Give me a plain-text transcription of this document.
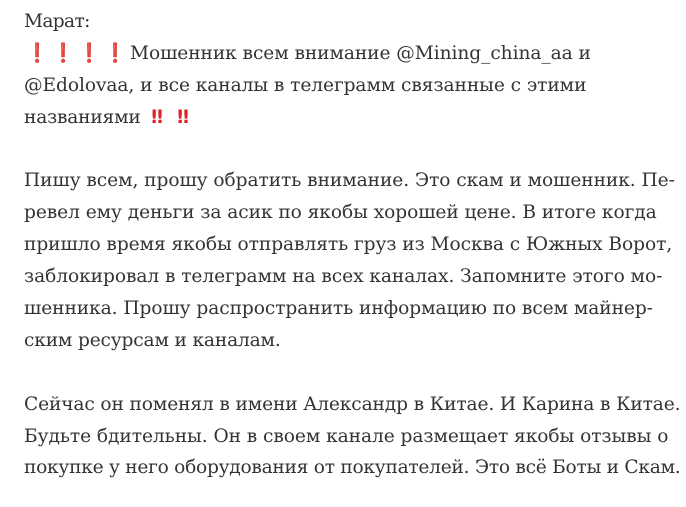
Марат:
❗ ❗ ❗ ❗ Мошенник всем внимание @Mining_china_aa и
@Edolovaa, и все каналы в телеграмм связанные с этими
названиями ‼ ‼
Пишу всем, прошу обратить внимание. Это скам и мошенник. Пе-
ревел ему деньги за асик по якобы хорошей цене. В итоге когда
пришло время якобы отправлять груз из Москва с Южных Ворот,
заблокировал в телеграмм на всех каналах. Запомните этого мо-
шенника. Прошу распространить информацию по всем майнер-
ским ресурсам и каналам.
Сейчас он поменял в имени Александр в Китае. И Карина в Китае.
Будьте бдительны. Он в своем канале размещает якобы отзывы о
покупке у него оборудования от покупателей. Это всё Боты и Скам.
